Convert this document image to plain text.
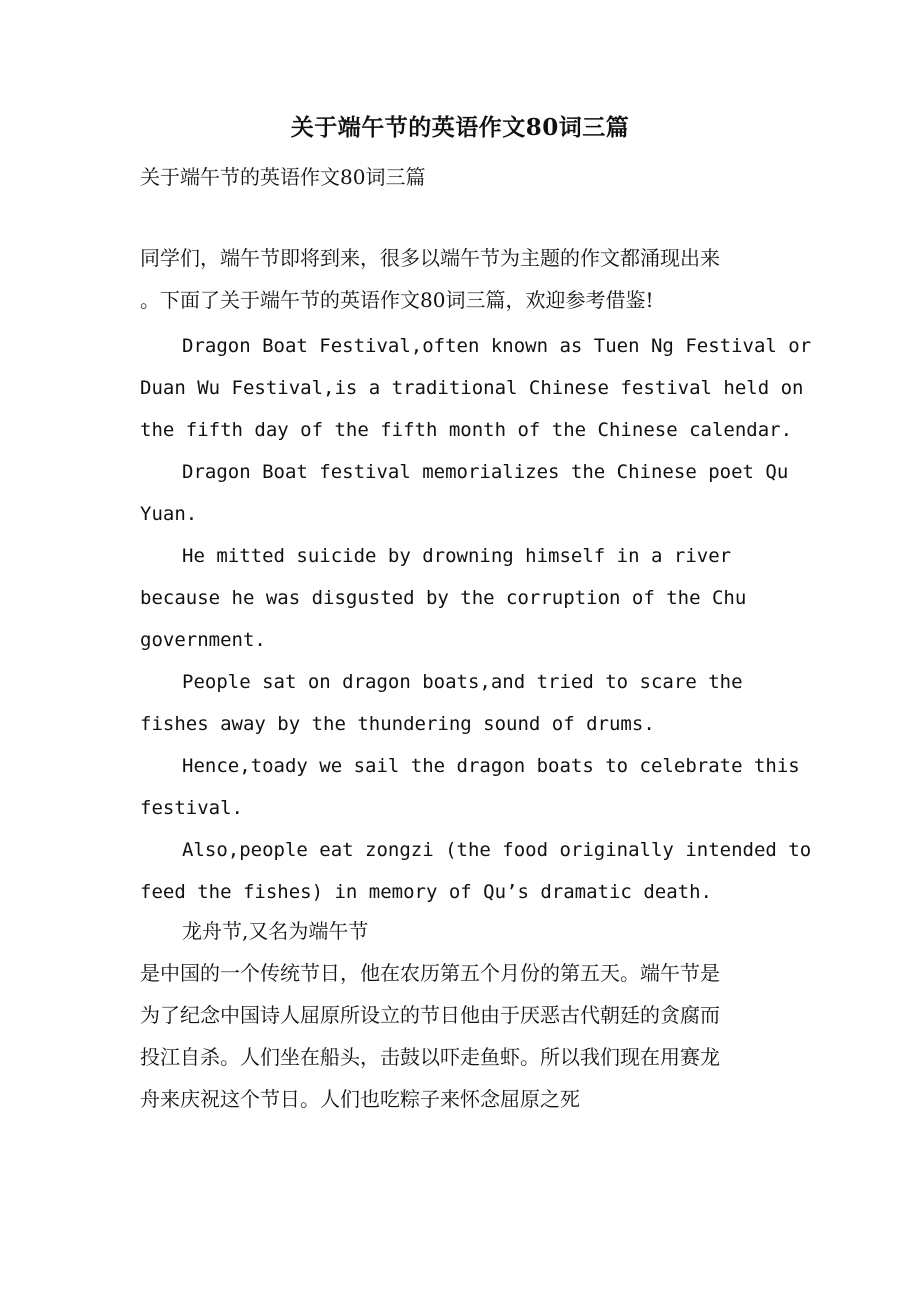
关于端午节的英语作文80词三篇
关于端午节的英语作文80词三篇
同学们，端午节即将到来，很多以端午节为主题的作文都涌现出来
。下面了关于端午节的英语作文80词三篇，欢迎参考借鉴!
Dragon Boat Festival,often known as Tuen Ng Festival or
Duan Wu Festival,is a traditional Chinese festival held on
the fifth day of the fifth month of the Chinese calendar.
Dragon Boat festival memorializes the Chinese poet Qu
Yuan.
He mitted suicide by drowning himself in a river
because he was disgusted by the corruption of the Chu
government.
People sat on dragon boats,and tried to scare the
fishes away by the thundering sound of drums.
Hence,toady we sail the dragon boats to celebrate this
festival.
Also,people eat zongzi (the food originally intended to
feed the fishes) in memory of Qu’s dramatic death.
龙舟节,又名为端午节
是中国的一个传统节日，他在农历第五个月份的第五天。端午节是
为了纪念中国诗人屈原所设立的节日他由于厌恶古代朝廷的贪腐而
投江自杀。人们坐在船头，击鼓以吓走鱼虾。所以我们现在用赛龙
舟来庆祝这个节日。人们也吃粽子来怀念屈原之死
